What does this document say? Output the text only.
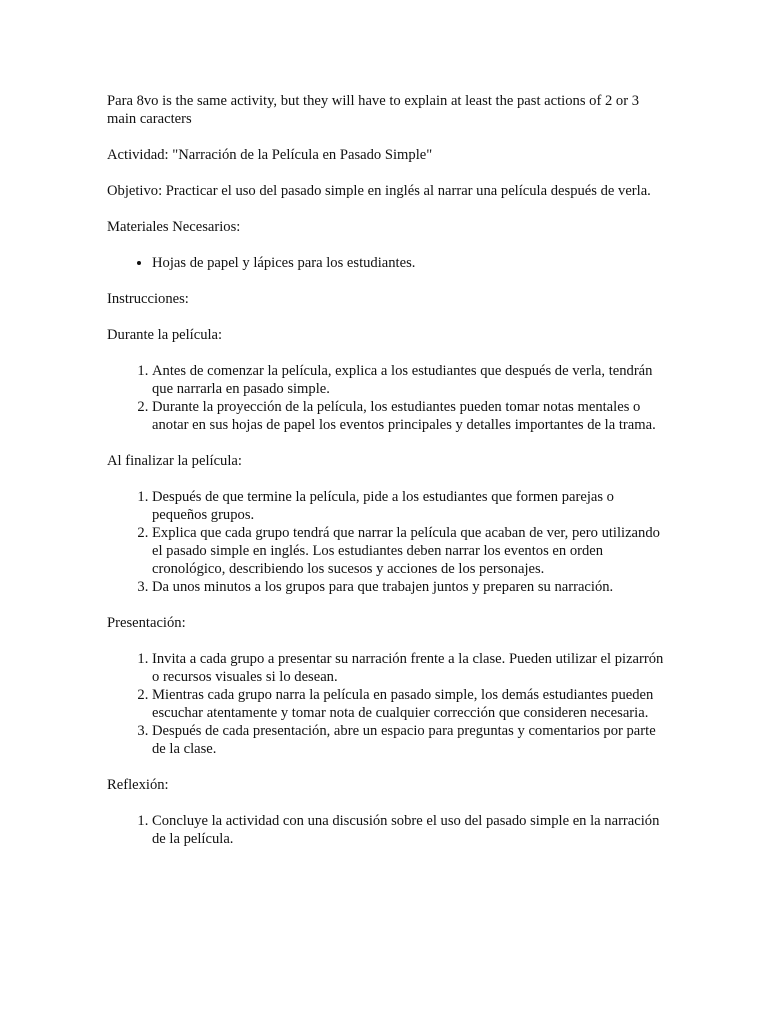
Para 8vo is the same activity, but they will have to explain at least the past actions of 2 or 3 main caracters

Actividad: "Narración de la Película en Pasado Simple"

Objetivo: Practicar el uso del pasado simple en inglés al narrar una película después de verla.

Materiales Necesarios:

• Hojas de papel y lápices para los estudiantes.

Instrucciones:

Durante la película:

1. Antes de comenzar la película, explica a los estudiantes que después de verla, tendrán que narrarla en pasado simple.
2. Durante la proyección de la película, los estudiantes pueden tomar notas mentales o anotar en sus hojas de papel los eventos principales y detalles importantes de la trama.

Al finalizar la película:

1. Después de que termine la película, pide a los estudiantes que formen parejas o pequeños grupos.
2. Explica que cada grupo tendrá que narrar la película que acaban de ver, pero utilizando el pasado simple en inglés. Los estudiantes deben narrar los eventos en orden cronológico, describiendo los sucesos y acciones de los personajes.
3. Da unos minutos a los grupos para que trabajen juntos y preparen su narración.

Presentación:

1. Invita a cada grupo a presentar su narración frente a la clase. Pueden utilizar el pizarrón o recursos visuales si lo desean.
2. Mientras cada grupo narra la película en pasado simple, los demás estudiantes pueden escuchar atentamente y tomar nota de cualquier corrección que consideren necesaria.
3. Después de cada presentación, abre un espacio para preguntas y comentarios por parte de la clase.

Reflexión:

1. Concluye la actividad con una discusión sobre el uso del pasado simple en la narración de la película.
